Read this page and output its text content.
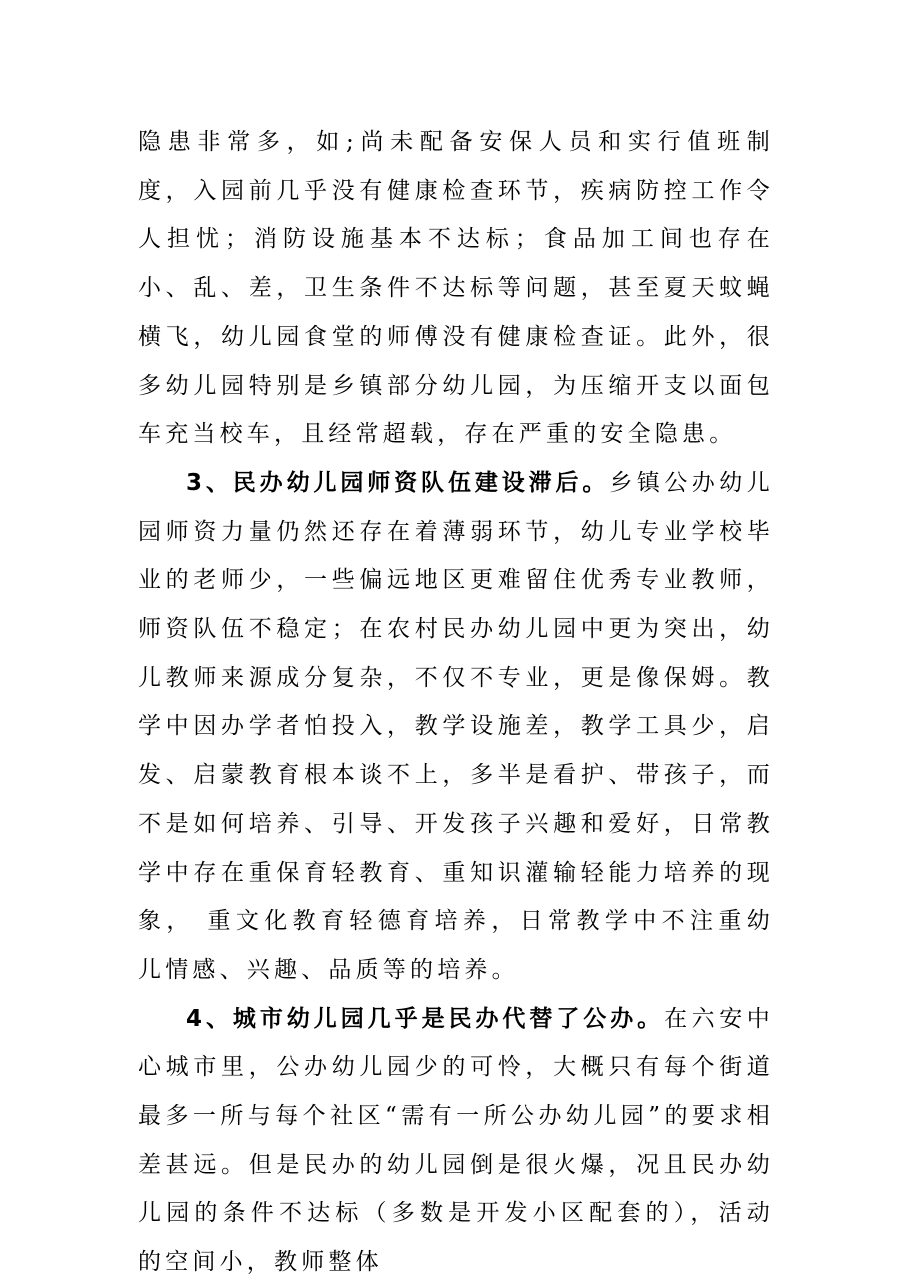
隐患非常多，如;尚未配备安保人员和实行值班制度，入园前几乎没有健康检查环节，疾病防控工作令人担忧；消防设施基本不达标；食品加工间也存在小、乱、差，卫生条件不达标等问题，甚至夏天蚊蝇横飞，幼儿园食堂的师傅没有健康检查证。此外，很多幼儿园特别是乡镇部分幼儿园，为压缩开支以面包车充当校车，且经常超载，存在严重的安全隐患。

3、民办幼儿园师资队伍建设滞后。乡镇公办幼儿园师资力量仍然还存在着薄弱环节，幼儿专业学校毕业的老师少，一些偏远地区更难留住优秀专业教师，师资队伍不稳定；在农村民办幼儿园中更为突出，幼儿教师来源成分复杂，不仅不专业，更是像保姆。教学中因办学者怕投入，教学设施差，教学工具少，启发、启蒙教育根本谈不上，多半是看护、带孩子，而不是如何培养、引导、开发孩子兴趣和爱好，日常教学中存在重保育轻教育、重知识灌输轻能力培养的现象， 重文化教育轻德育培养，日常教学中不注重幼儿情感、兴趣、品质等的培养。

4、城市幼儿园几乎是民办代替了公办。在六安中心城市里，公办幼儿园少的可怜，大概只有每个街道最多一所与每个社区“需有一所公办幼儿园”的要求相差甚远。但是民办的幼儿园倒是很火爆，况且民办幼儿园的条件不达标（多数是开发小区配套的），活动的空间小，教师整体
